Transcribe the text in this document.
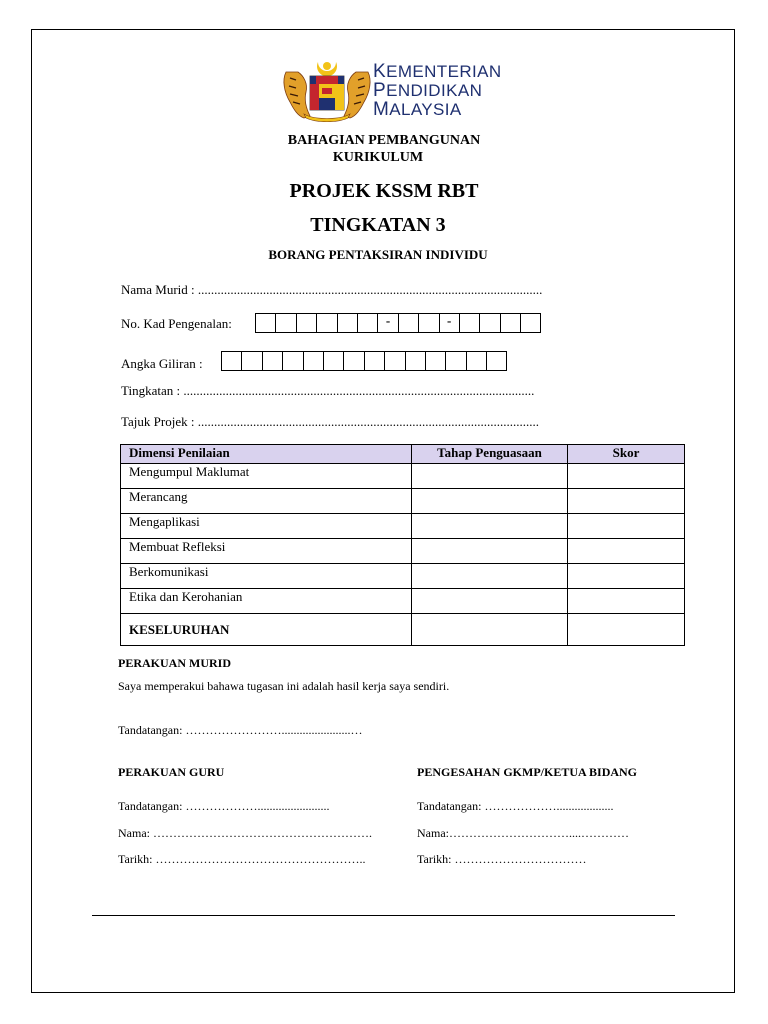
KEMENTERIAN
PENDIDIKAN
MALAYSIA
BAHAGIAN PEMBANGUNAN
KURIKULUM
PROJEK KSSM RBT
TINGKATAN 3
BORANG PENTAKSIRAN INDIVIDU
Nama Murid : ..........................................................................................................
No. Kad Pengenalan:	-	-
Angka Giliran :
Tingkatan : ............................................................................................................
Tajuk Projek : .........................................................................................................
Dimensi Penilaian	Tahap Penguasaan	Skor
Mengumpul Maklumat		
Merancang		
Mengaplikasi		
Membuat Refleksi		
Berkomunikasi		
Etika dan Kerohanian		
KESELURUHAN		
PERAKUAN MURID
Saya memperakui bahawa tugasan ini adalah hasil kerja saya sendiri.
Tandatangan: …………………….......................…
PERAKUAN GURU
Tandatangan: ………………........................
Nama: ……………………………………………….
Tarikh: ……………………………………………..
PENGESAHAN GKMP/KETUA BIDANG
Tandatangan: ………………...................
Nama:…………………………....…………
Tarikh: ……………………………
